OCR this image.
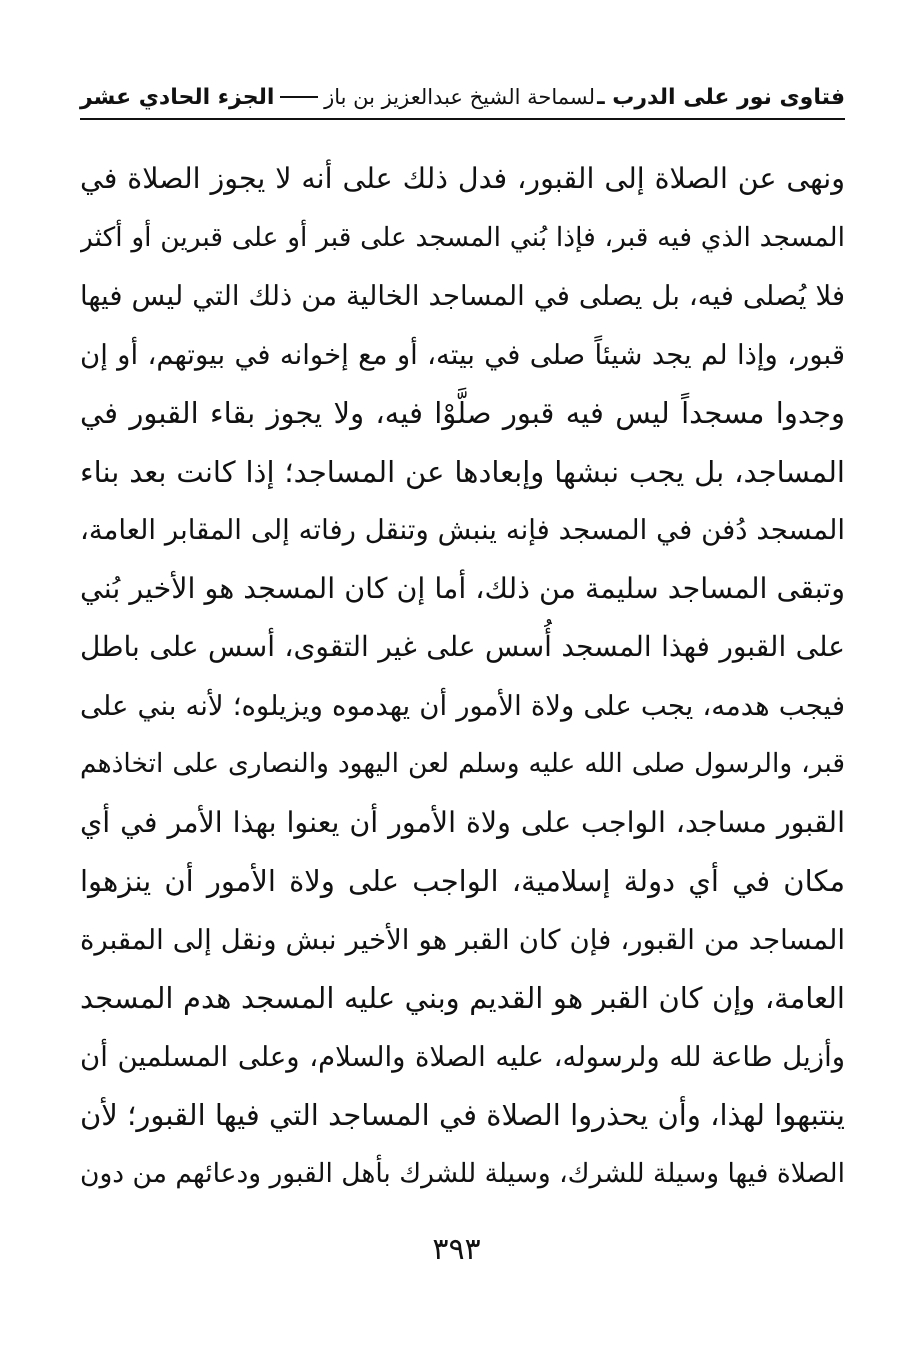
فتاوى نور على الدرب ـ
لسماحة الشيخ عبدالعزيز بن باز
الجزء الحادي عشر
ونهى عن الصلاة إلى القبور، فدل ذلك على أنه لا يجوز الصلاة في
المسجد الذي فيه قبر، فإذا بُني المسجد على قبر أو على قبرين أو أكثر
فلا يُصلى فيه، بل يصلى في المساجد الخالية من ذلك التي ليس فيها
قبور، وإذا لم يجد شيئاً صلى في بيته، أو مع إخوانه في بيوتهم، أو إن
وجدوا مسجداً ليس فيه قبور صلَّوْا فيه، ولا يجوز بقاء القبور في
المساجد، بل يجب نبشها وإبعادها عن المساجد؛ إذا كانت بعد بناء
المسجد دُفن في المسجد فإنه ينبش وتنقل رفاته إلى المقابر العامة،
وتبقى المساجد سليمة من ذلك، أما إن كان المسجد هو الأخير بُني
على القبور فهذا المسجد أُسس على غير التقوى، أسس على باطل
فيجب هدمه، يجب على ولاة الأمور أن يهدموه ويزيلوه؛ لأنه بني على
قبر، والرسول صلى الله عليه وسلم لعن اليهود والنصارى على اتخاذهم
القبور مساجد، الواجب على ولاة الأمور أن يعنوا بهذا الأمر في أي
مكان في أي دولة إسلامية، الواجب على ولاة الأمور أن ينزهوا
المساجد من القبور، فإن كان القبر هو الأخير نبش ونقل إلى المقبرة
العامة، وإن كان القبر هو القديم وبني عليه المسجد هدم المسجد
وأزيل طاعة لله ولرسوله، عليه الصلاة والسلام، وعلى المسلمين أن
ينتبهوا لهذا، وأن يحذروا الصلاة في المساجد التي فيها القبور؛ لأن
الصلاة فيها وسيلة للشرك، وسيلة للشرك بأهل القبور ودعائهم من دون
٣٩٣
